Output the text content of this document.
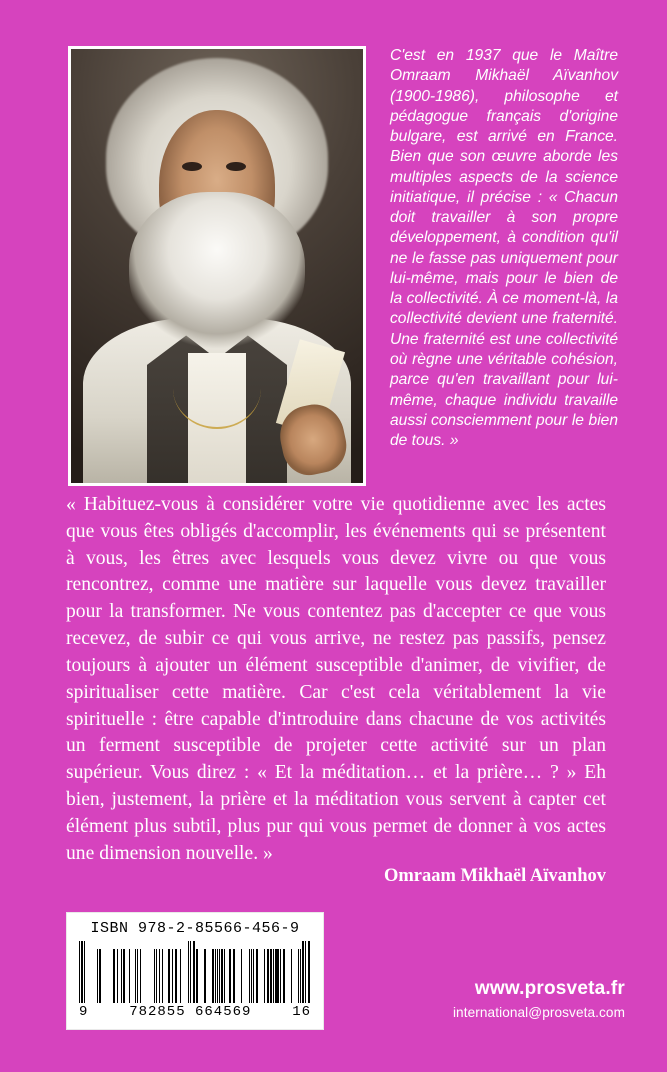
C'est en 1937 que le Maître Omraam Mikhaël Aïvanhov (1900-1986), philosophe et pédagogue français d'origine bulgare, est arrivé en France. Bien que son œuvre aborde les multiples aspects de la science initiatique, il précise : « Chacun doit travailler à son propre développement, à condition qu'il ne le fasse pas uniquement pour lui-même, mais pour le bien de la collectivité. À ce moment-là, la collectivité devient une fraternité. Une fraternité est une collectivité où règne une véritable cohésion, parce qu'en travaillant pour lui-même, chaque individu travaille aussi consciemment pour le bien de tous. »
« Habituez-vous à considérer votre vie quotidienne avec les actes que vous êtes obligés d'accomplir, les événements qui se présentent à vous, les êtres avec lesquels vous devez vivre ou que vous rencontrez, comme une matière sur laquelle vous devez travailler pour la transformer. Ne vous contentez pas d'accepter ce que vous recevez, de subir ce qui vous arrive, ne restez pas passifs, pensez toujours à ajouter un élément susceptible d'animer, de vivifier, de spiritualiser cette matière. Car c'est cela véritablement la vie spirituelle : être capable d'introduire dans chacune de vos activités un ferment susceptible de projeter cette activité sur un plan supérieur. Vous direz : « Et la méditation… et la prière… ? » Eh bien, justement, la prière et la méditation vous servent à capter cet élément plus subtil, plus pur qui vous permet de donner à vos actes une dimension nouvelle. »
Omraam Mikhaël Aïvanhov
ISBN 978-2-85566-456-9
9	782855 664569	16
www.prosveta.fr
international@prosveta.com
